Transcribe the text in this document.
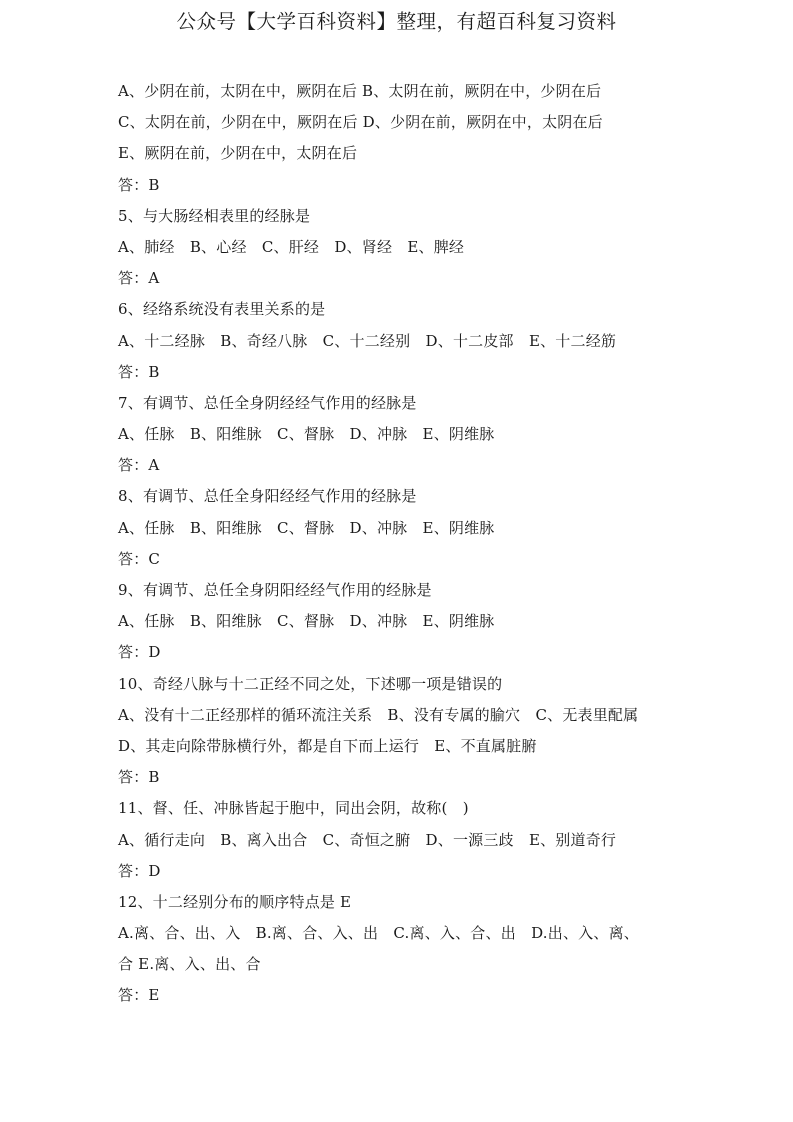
公众号【大学百科资料】整理，有超百科复习资料
A、少阴在前，太阴在中，厥阴在后 B、太阴在前，厥阴在中，少阴在后
C、太阴在前，少阴在中，厥阴在后 D、少阴在前，厥阴在中，太阴在后
E、厥阴在前，少阴在中，太阴在后
答：B
5、与大肠经相表里的经脉是
A、肺经　B、心经　C、肝经　D、肾经　E、脾经
答：A
6、经络系统没有表里关系的是
A、十二经脉　B、奇经八脉　C、十二经别　D、十二皮部　E、十二经筋
答：B
7、有调节、总任全身阴经经气作用的经脉是
A、任脉　B、阳维脉　C、督脉　D、冲脉　E、阴维脉
答：A
8、有调节、总任全身阳经经气作用的经脉是
A、任脉　B、阳维脉　C、督脉　D、冲脉　E、阴维脉
答：C
9、有调节、总任全身阴阳经经气作用的经脉是
A、任脉　B、阳维脉　C、督脉　D、冲脉　E、阴维脉
答：D
10、奇经八脉与十二正经不同之处，下述哪一项是错误的
A、没有十二正经那样的循环流注关系　B、没有专属的腧穴　C、无表里配属
D、其走向除带脉横行外，都是自下而上运行　E、不直属脏腑
答：B
11、督、任、冲脉皆起于胞中，同出会阴，故称(　)
A、循行走向　B、离入出合　C、奇恒之腑　D、一源三歧　E、别道奇行
答：D
12、十二经别分布的顺序特点是 E
A.离、合、出、入　B.离、合、入、出　C.离、入、合、出　D.出、入、离、
合 E.离、入、出、合
答：E
